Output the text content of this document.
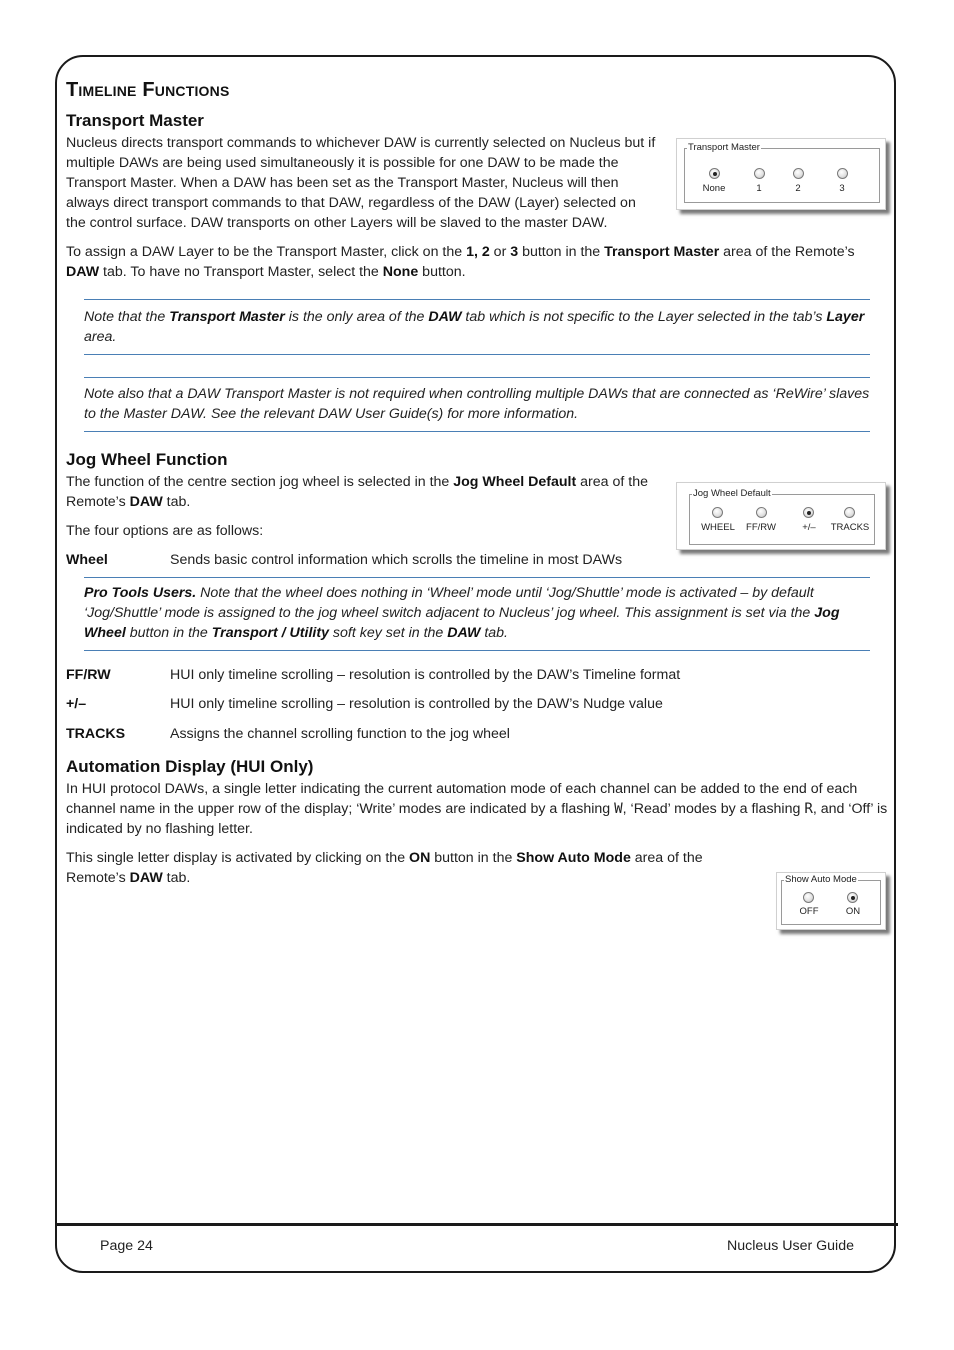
Timeline Functions
Transport Master

Nucleus directs transport commands to whichever DAW is currently selected on Nucleus but if multiple DAWs are being used simultaneously it is possible for one DAW to be made the Transport Master. When a DAW has been set as the Transport Master, Nucleus will then always direct transport commands to that DAW, regardless of the DAW (Layer) selected on the control surface. DAW transports on other Layers will be slaved to the master DAW.

To assign a DAW Layer to be the Transport Master, click on the 1, 2 or 3 button in the Transport Master area of the Remote’s DAW tab. To have no Transport Master, select the None button.

Note that the Transport Master is the only area of the DAW tab which is not specific to the Layer selected in the tab’s Layer area.
Note also that a DAW Transport Master is not required when controlling multiple DAWs that are connected as ‘ReWire’ slaves to the Master DAW. See the relevant DAW User Guide(s) for more information.
Jog Wheel Function

The function of the centre section jog wheel is selected in the Jog Wheel Default area of the Remote’s DAW tab.

The four options are as follows:

Wheel	Sends basic control information which scrolls the timeline in most DAWs
Pro Tools Users. Note that the wheel does nothing in ‘Wheel’ mode until ‘Jog/Shuttle’ mode is activated – by default ‘Jog/Shuttle’ mode is assigned to the jog wheel switch adjacent to Nucleus’ jog wheel. This assignment is set via the Jog Wheel button in the Transport / Utility soft key set in the DAW tab.
FF/RW	HUI only timeline scrolling – resolution is controlled by the DAW’s Timeline format
+/–	HUI only timeline scrolling – resolution is controlled by the DAW’s Nudge value
TRACKS	Assigns the channel scrolling function to the jog wheel
Automation Display (HUI Only)

In HUI protocol DAWs, a single letter indicating the current automation mode of each channel can be added to the end of each channel name in the upper row of the display; ‘Write’ modes are indicated by a flashing W, ‘Read’ modes by a flashing R, and ‘Off’ is indicated by no flashing letter.

This single letter display is activated by clicking on the ON button in the Show Auto Mode area of the Remote’s DAW tab.

Transport Master
None	1	2	3
Jog Wheel Default
WHEEL	FF/RW	+/–	TRACKS
Show Auto Mode
OFF	ON
Page 24	Nucleus User Guide
